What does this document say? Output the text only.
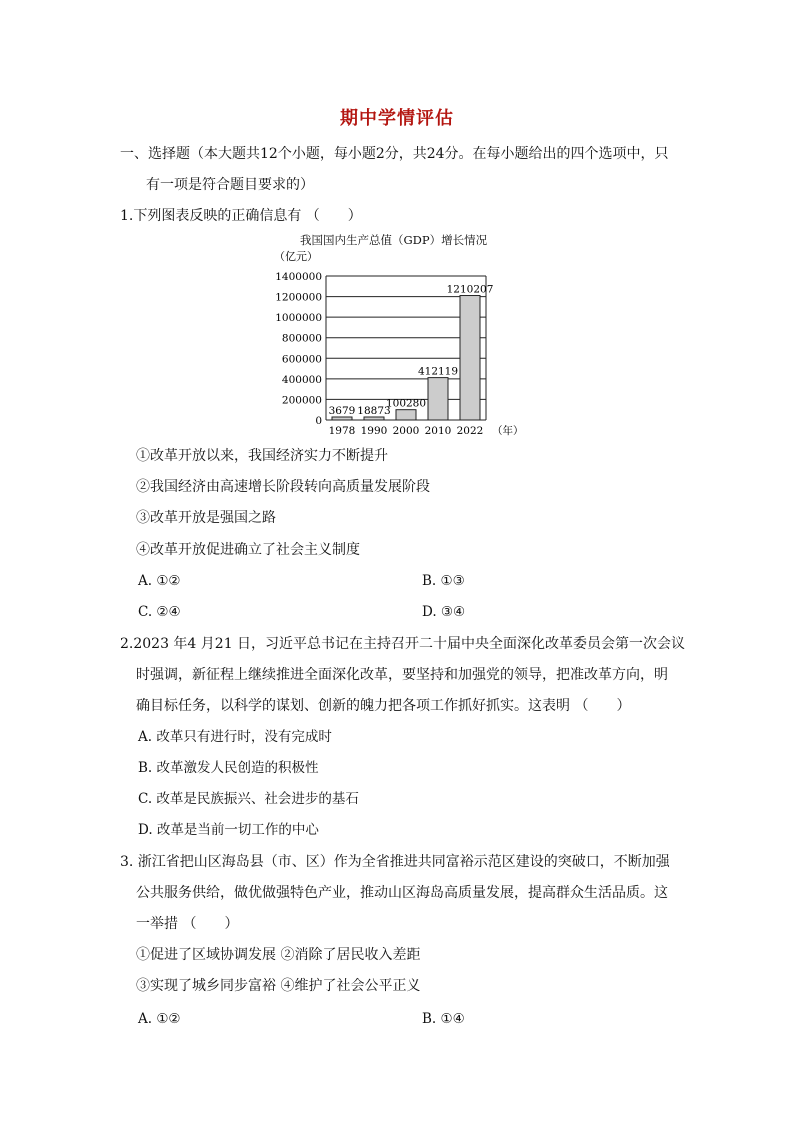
期中学情评估
一、选择题（本大题共12个小题，每小题2分，共24分。在每小题给出的四个选项中，只
有一项是符合题目要求的）
1.下列图表反映的正确信息有 （　　）
我国国内生产总值（GDP）增长情况
（亿元）
0
200000
400000
600000
800000
1000000
1200000
1400000
3679
1978
18873
1990
100280
2000
412119
2010
1210207
2022 （年）
①改革开放以来，我国经济实力不断提升
②我国经济由高速增长阶段转向高质量发展阶段
③改革开放是强国之路
④改革开放促进确立了社会主义制度
A. ①②	B. ①③
C. ②④	D. ③④
2.2023 年4 月21 日，习近平总书记在主持召开二十届中央全面深化改革委员会第一次会议
时强调，新征程上继续推进全面深化改革，要坚持和加强党的领导，把准改革方向，明
确目标任务，以科学的谋划、创新的魄力把各项工作抓好抓实。这表明 （　　）
A. 改革只有进行时，没有完成时
B. 改革激发人民创造的积极性
C. 改革是民族振兴、社会进步的基石
D. 改革是当前一切工作的中心
3. 浙江省把山区海岛县（市、区）作为全省推进共同富裕示范区建设的突破口，不断加强
公共服务供给，做优做强特色产业，推动山区海岛高质量发展，提高群众生活品质。这
一举措 （　　）
①促进了区域协调发展 ②消除了居民收入差距
③实现了城乡同步富裕 ④维护了社会公平正义
A. ①②	B. ①④
